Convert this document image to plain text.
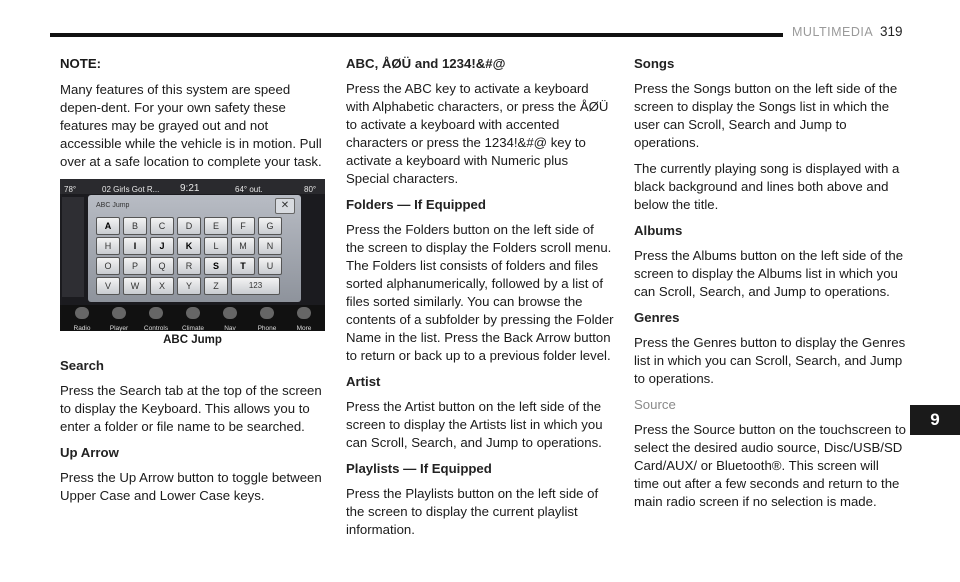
MULTIMEDIA 319

NOTE:

Many features of this system are speed depen-dent. For your own safety these features may be grayed out and not accessible while the vehicle is in motion. Pull over at a safe location to complete your task.

78°	02 Girls Got R... 9:21	64° out.	80°
ABC Jump	✕
A B C D E F G
H I	J K L M N
O P Q R S T U
V W X Y Z	123
Radio	Player	Controls	Climate	Nav	Phone	More

ABC Jump

Search

Press the Search tab at the top of the screen to display the Keyboard. This allows you to enter a folder or file name to be searched.

Up Arrow

Press the Up Arrow button to toggle between Upper Case and Lower Case keys.

ABC, ÅØÜ and 1234!&#@

Press the ABC key to activate a keyboard with Alphabetic characters, or press the ÅØÜ to activate a keyboard with accented characters or press the 1234!&#@ key to activate a keyboard with Numeric plus Special characters.

Folders — If Equipped

Press the Folders button on the left side of the screen to display the Folders scroll menu. The Folders list consists of folders and files sorted alphanumerically, followed by a list of files sorted similarly. You can browse the contents of a subfolder by pressing the Folder Name in the list. Press the Back Arrow button to return or back up to a previous folder level.

Artist

Press the Artist button on the left side of the screen to display the Artists list in which you can Scroll, Search, and Jump to operations.

Playlists — If Equipped

Press the Playlists button on the left side of the screen to display the current playlist information.

Songs

Press the Songs button on the left side of the screen to display the Songs list in which the user can Scroll, Search and Jump to operations.

The currently playing song is displayed with a black background and lines both above and below the title.

Albums

Press the Albums button on the left side of the screen to display the Albums list in which you can Scroll, Search, and Jump to operations.

Genres

Press the Genres button to display the Genres list in which you can Scroll, Search, and Jump to operations.

Source

Press the Source button on the touchscreen to select the desired audio source, Disc/USB/SD Card/AUX/ or Bluetooth®. This screen will time out after a few seconds and return to the main radio screen if no selection is made.

9
